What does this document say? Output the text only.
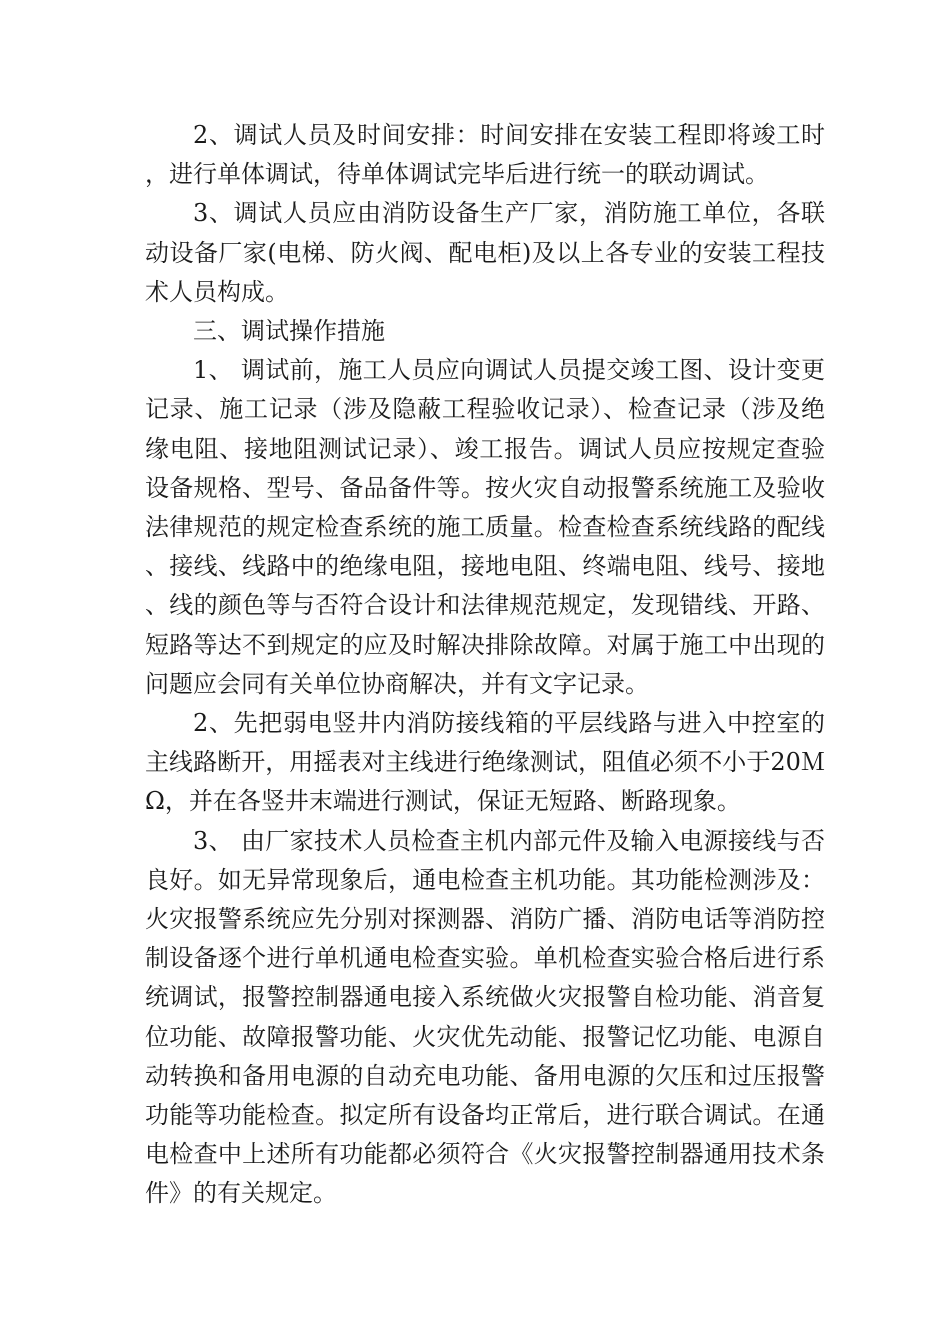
2、调试人员及时间安排：时间安排在安装工程即将竣工时，进行单体调试，待单体调试完毕后进行统一的联动调试。

3、调试人员应由消防设备生产厂家，消防施工单位，各联动设备厂家(电梯、防火阀、配电柜)及以上各专业的安装工程技术人员构成。

三、调试操作措施

1、 调试前，施工人员应向调试人员提交竣工图、设计变更记录、施工记录（涉及隐蔽工程验收记录）、检查记录（涉及绝缘电阻、接地阻测试记录）、竣工报告。调试人员应按规定查验设备规格、型号、备品备件等。按火灾自动报警系统施工及验收法律规范的规定检查系统的施工质量。检查检查系统线路的配线、接线、线路中的绝缘电阻，接地电阻、终端电阻、线号、接地、线的颜色等与否符合设计和法律规范规定，发现错线、开路、短路等达不到规定的应及时解决排除故障。对属于施工中出现的问题应会同有关单位协商解决，并有文字记录。

2、先把弱电竖井内消防接线箱的平层线路与进入中控室的主线路断开，用摇表对主线进行绝缘测试，阻值必须不小于20ＭΩ，并在各竖井末端进行测试，保证无短路、断路现象。

3、 由厂家技术人员检查主机内部元件及输入电源接线与否良好。如无异常现象后，通电检查主机功能。其功能检测涉及：火灾报警系统应先分别对探测器、消防广播、消防电话等消防控制设备逐个进行单机通电检查实验。单机检查实验合格后进行系统调试，报警控制器通电接入系统做火灾报警自检功能、消音复位功能、故障报警功能、火灾优先动能、报警记忆功能、电源自动转换和备用电源的自动充电功能、备用电源的欠压和过压报警功能等功能检查。拟定所有设备均正常后，进行联合调试。在通电检查中上述所有功能都必须符合《火灾报警控制器通用技术条件》的有关规定。
